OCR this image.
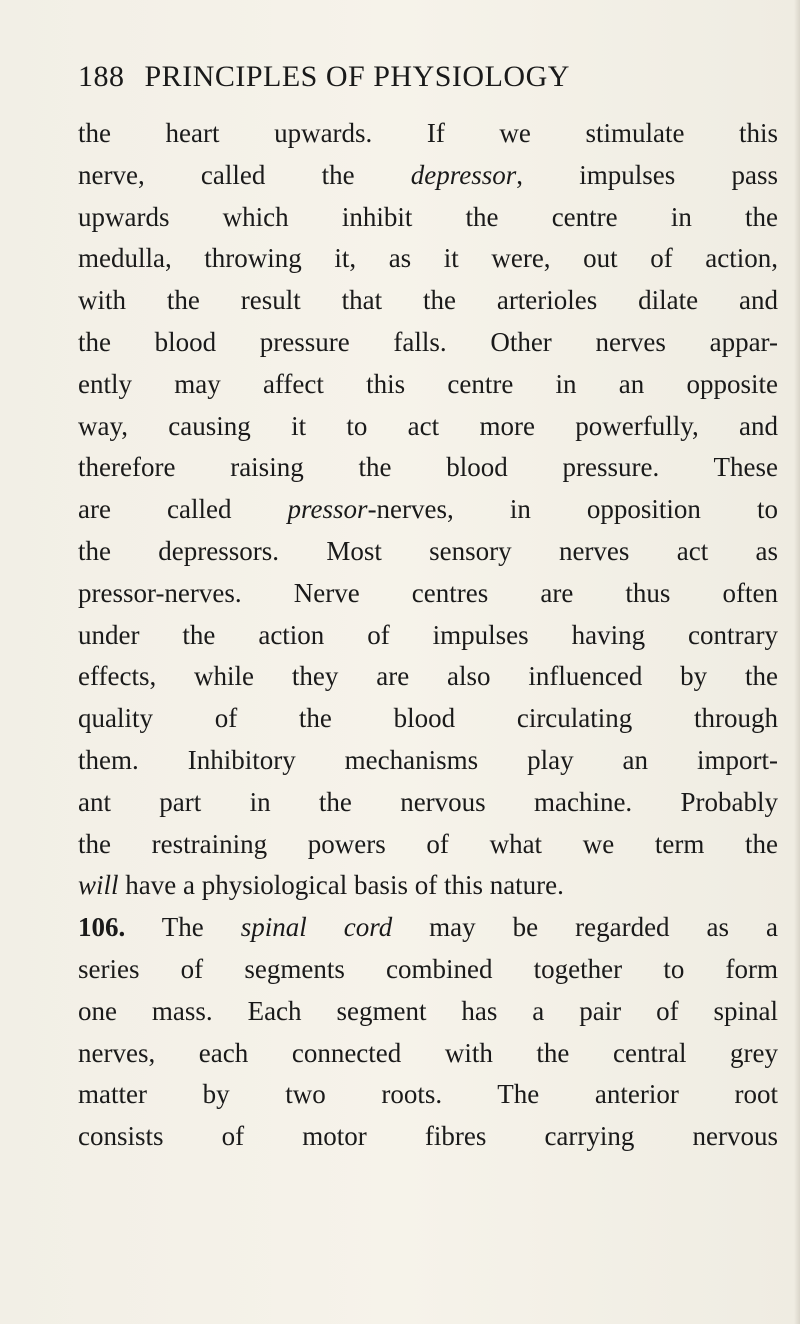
188 PRINCIPLES OF PHYSIOLOGY
the heart upwards. If we stimulate this
nerve, called the depressor, impulses pass
upwards which inhibit the centre in the
medulla, throwing it, as it were, out of action,
with the result that the arterioles dilate and
the blood pressure falls. Other nerves appar-
ently may affect this centre in an opposite
way, causing it to act more powerfully, and
therefore raising the blood pressure. These
are called pressor-nerves, in opposition to
the depressors. Most sensory nerves act as
pressor-nerves. Nerve centres are thus often
under the action of impulses having contrary
effects, while they are also influenced by the
quality of the blood circulating through
them. Inhibitory mechanisms play an import-
ant part in the nervous machine. Probably
the restraining powers of what we term the
will have a physiological basis of this nature.
106. The spinal cord may be regarded as a
series of segments combined together to form
one mass. Each segment has a pair of spinal
nerves, each connected with the central grey
matter by two roots. The anterior root
consists of motor fibres carrying nervous
